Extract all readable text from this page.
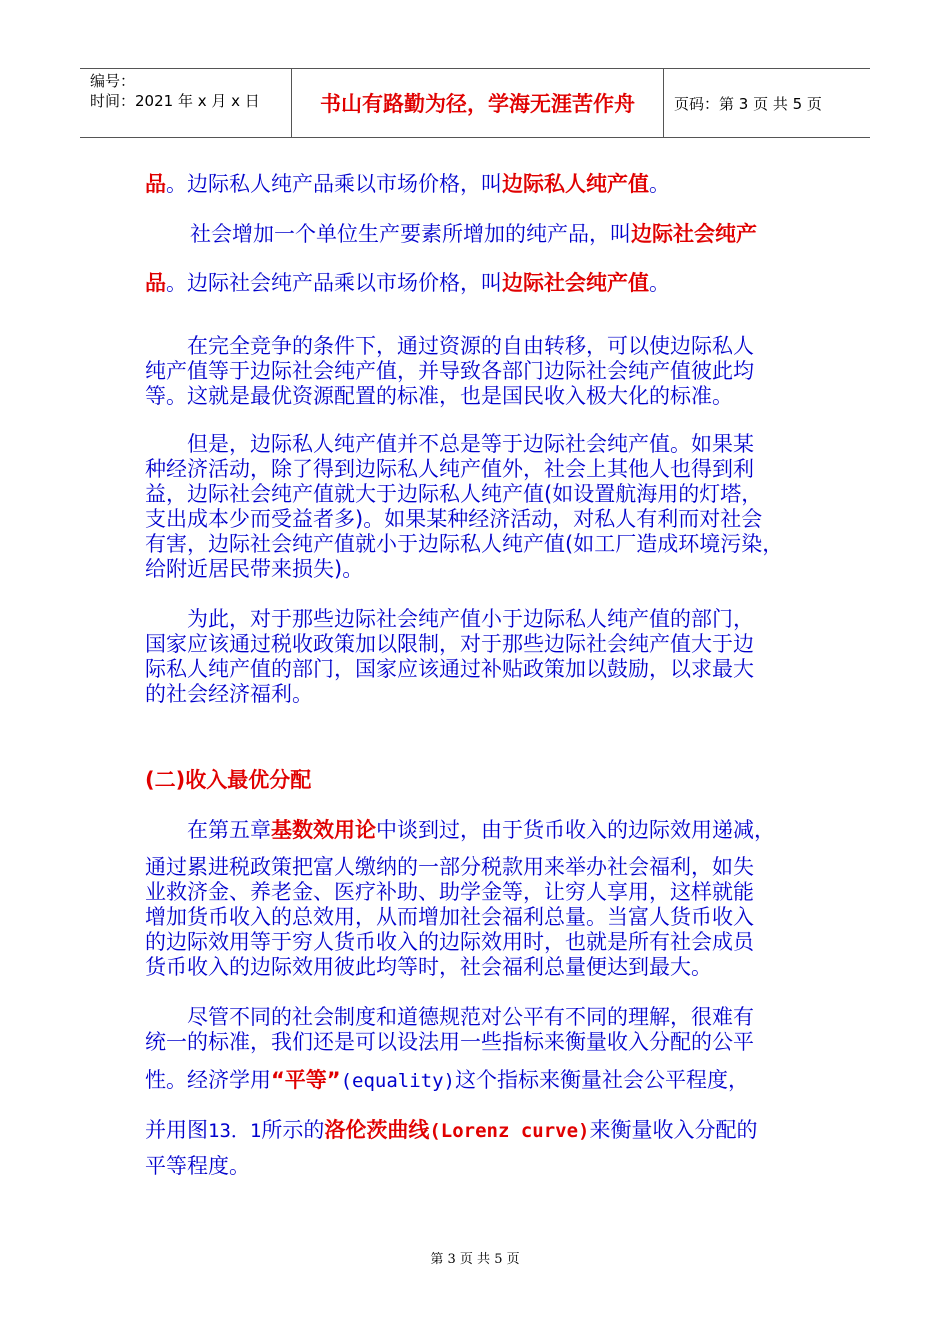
编号：
时间：2021 年 x 月 x 日	书山有路勤为径，学海无涯苦作舟	页码：第 3 页 共 5 页

品。边际私人纯产品乘以市场价格，叫边际私人纯产值。

社会增加一个单位生产要素所增加的纯产品，叫边际社会纯产

品。边际社会纯产品乘以市场价格，叫边际社会纯产值。

在完全竞争的条件下，通过资源的自由转移，可以使边际私人
纯产值等于边际社会纯产值，并导致各部门边际社会纯产值彼此均
等。这就是最优资源配置的标准，也是国民收入极大化的标准。
但是，边际私人纯产值并不总是等于边际社会纯产值。如果某
种经济活动，除了得到边际私人纯产值外，社会上其他人也得到利
益，边际社会纯产值就大于边际私人纯产值(如设置航海用的灯塔，
支出成本少而受益者多)。如果某种经济活动，对私人有利而对社会
有害，边际社会纯产值就小于边际私人纯产值(如工厂造成环境污染，
给附近居民带来损失)。
为此，对于那些边际社会纯产值小于边际私人纯产值的部门，
国家应该通过税收政策加以限制，对于那些边际社会纯产值大于边
际私人纯产值的部门，国家应该通过补贴政策加以鼓励，以求最大
的社会经济福利。

(二)收入最优分配

在第五章基数效用论中谈到过，由于货币收入的边际效用递减，

通过累进税政策把富人缴纳的一部分税款用来举办社会福利，如失
业救济金、养老金、医疗补助、助学金等，让穷人享用，这样就能
增加货币收入的总效用，从而增加社会福利总量。当富人货币收入
的边际效用等于穷人货币收入的边际效用时，也就是所有社会成员
货币收入的边际效用彼此均等时，社会福利总量便达到最大。
尽管不同的社会制度和道德规范对公平有不同的理解，很难有
统一的标准，我们还是可以设法用一些指标来衡量收入分配的公平

性。经济学用“平等”(equality)这个指标来衡量社会公平程度，

并用图13．1所示的洛伦茨曲线(Lorenz curve)来衡量收入分配的

平等程度。

第 3 页 共 5 页
